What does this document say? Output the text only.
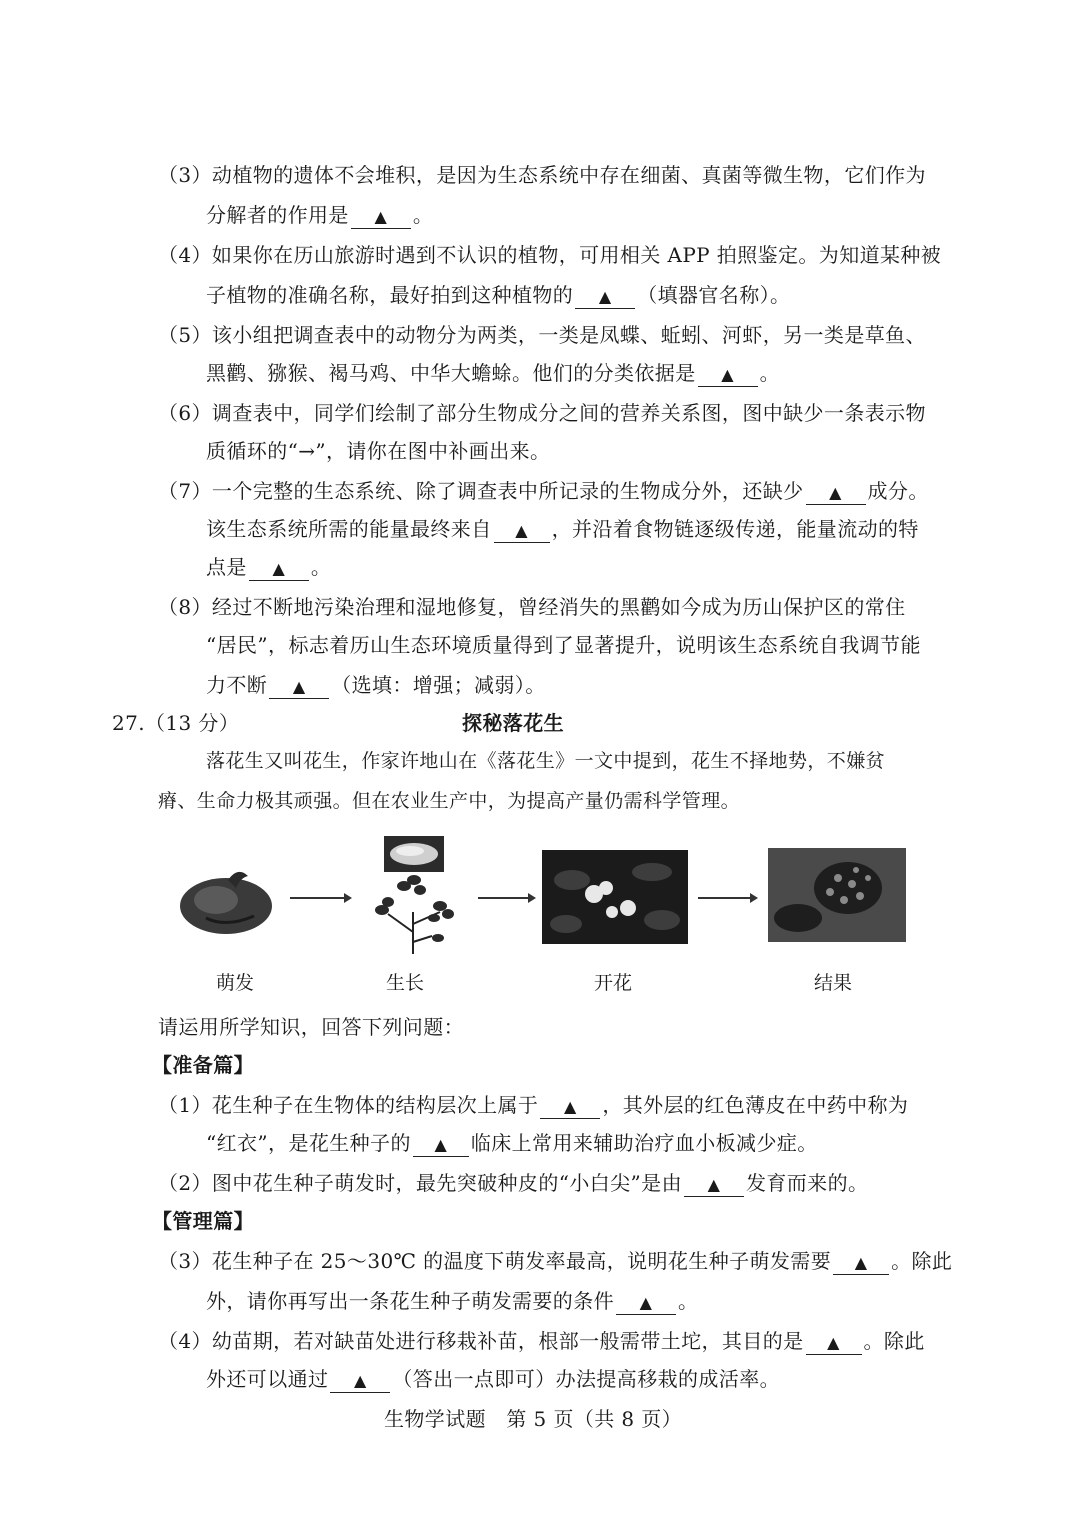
（3）动植物的遗体不会堆积，是因为生态系统中存在细菌、真菌等微生物，它们作为
分解者的作用是 ▲ 。
（4）如果你在历山旅游时遇到不认识的植物，可用相关 APP 拍照鉴定。为知道某种被
子植物的准确名称，最好拍到这种植物的 ▲ （填器官名称）。
（5）该小组把调查表中的动物分为两类，一类是凤蝶、蚯蚓、河虾，另一类是草鱼、
黑鹳、猕猴、褐马鸡、中华大蟾蜍。他们的分类依据是 ▲ 。
（6）调查表中，同学们绘制了部分生物成分之间的营养关系图，图中缺少一条表示物
质循环的“→”，请你在图中补画出来。
（7）一个完整的生态系统、除了调查表中所记录的生物成分外，还缺少 ▲ 成分。
该生态系统所需的能量最终来自 ▲ ，并沿着食物链逐级传递，能量流动的特
点是 ▲ 。
（8）经过不断地污染治理和湿地修复，曾经消失的黑鹳如今成为历山保护区的常住
“居民”，标志着历山生态环境质量得到了显著提升，说明该生态系统自我调节能
力不断 ▲ （选填：增强；减弱）。
27.（13 分）	探秘落花生
落花生又叫花生，作家许地山在《落花生》一文中提到，花生不择地势，不嫌贫
瘠、生命力极其顽强。但在农业生产中，为提高产量仍需科学管理。
萌发	生长	开花	结果
请运用所学知识，回答下列问题：
【准备篇】
（1）花生种子在生物体的结构层次上属于 ▲ ，其外层的红色薄皮在中药中称为
“红衣”，是花生种子的 ▲ 临床上常用来辅助治疗血小板减少症。
（2）图中花生种子萌发时，最先突破种皮的“小白尖”是由 ▲ 发育而来的。
【管理篇】
（3）花生种子在 25～30℃ 的温度下萌发率最高，说明花生种子萌发需要 ▲ 。除此
外，请你再写出一条花生种子萌发需要的条件 ▲ 。
（4）幼苗期，若对缺苗处进行移栽补苗，根部一般需带土坨，其目的是 ▲ 。除此
外还可以通过 ▲ （答出一点即可）办法提高移栽的成活率。
生物学试题　第 5 页（共 8 页）
